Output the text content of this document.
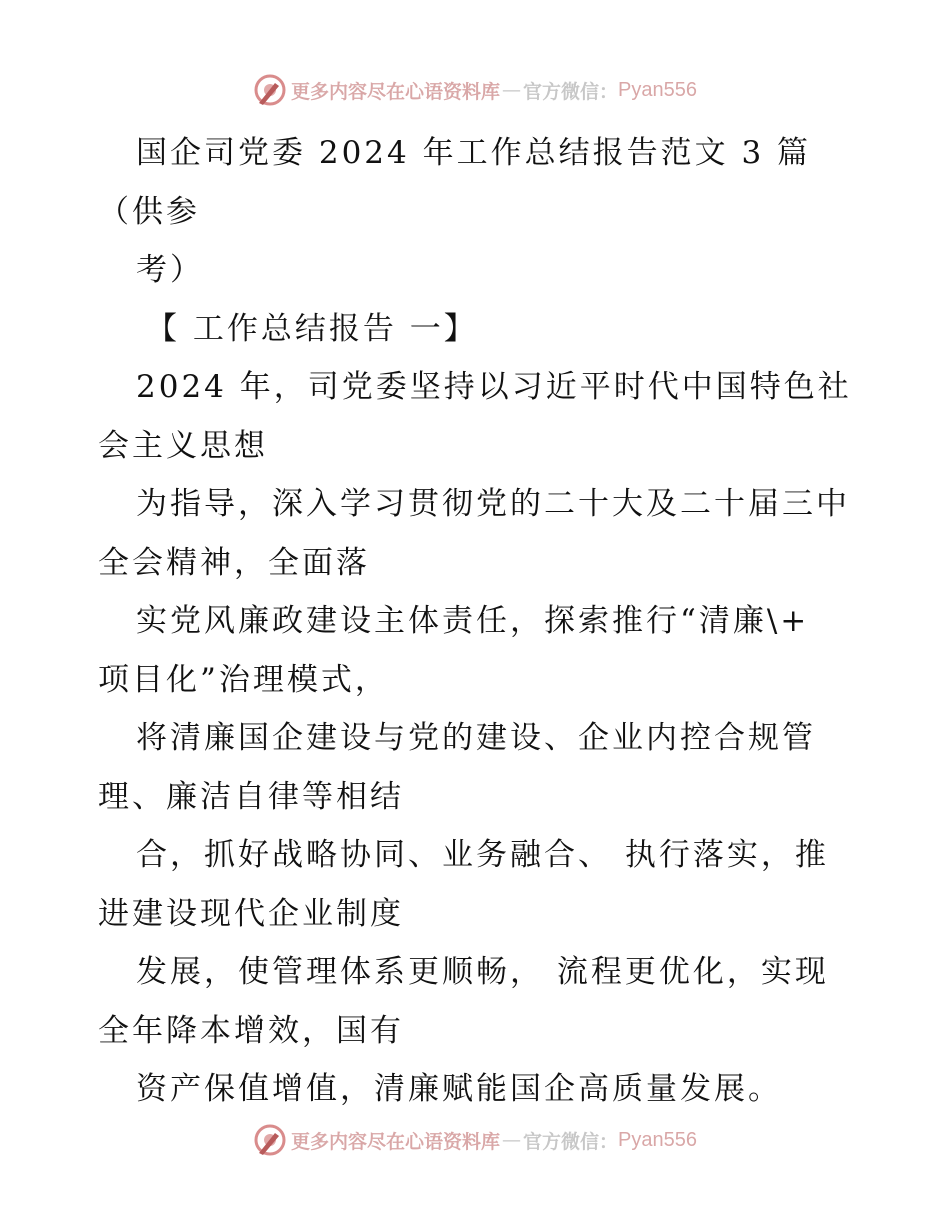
更多内容尽在心语资料库 — 官方微信： Pyan556
国企司党委 2024 年工作总结报告范文 3 篇
（供参
考）
【 工作总结报告 一】
2024 年，司党委坚持以习近平时代中国特色社
会主义思想
为指导，深入学习贯彻党的二十大及二十届三中
全会精神，全面落
实党风廉政建设主体责任，探索推行“清廉\+
项目化”治理模式，
将清廉国企建设与党的建设、企业内控合规管
理、廉洁自律等相结
合，抓好战略协同、业务融合、 执行落实，推
进建设现代企业制度
发展，使管理体系更顺畅， 流程更优化，实现
全年降本增效，国有
资产保值增值，清廉赋能国企高质量发展。
更多内容尽在心语资料库 — 官方微信： Pyan556
